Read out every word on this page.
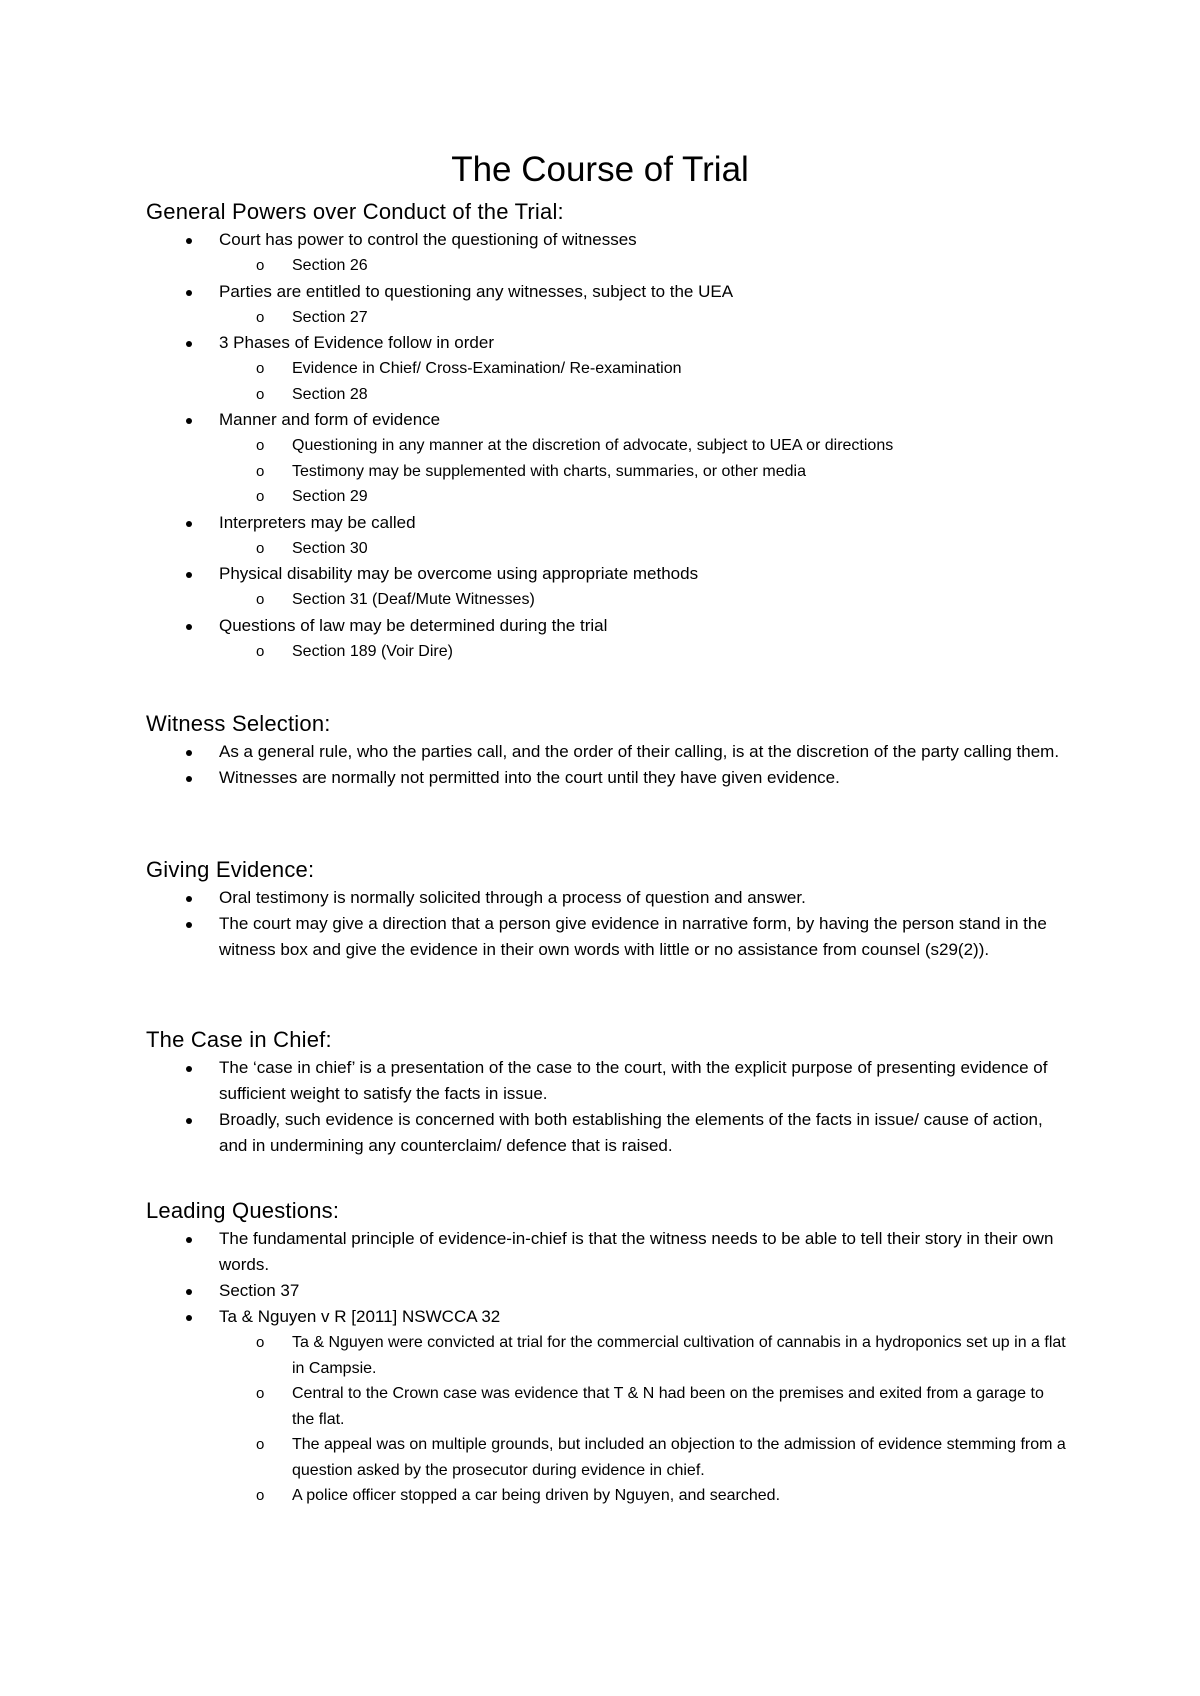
The Course of Trial
General Powers over Conduct of the Trial:
Court has power to control the questioning of witnesses
o Section 26
Parties are entitled to questioning any witnesses, subject to the UEA
o Section 27
3 Phases of Evidence follow in order
o Evidence in Chief/ Cross-Examination/ Re-examination
o Section 28
Manner and form of evidence
o Questioning in any manner at the discretion of advocate, subject to UEA or directions
o Testimony may be supplemented with charts, summaries, or other media
o Section 29
Interpreters may be called
o Section 30
Physical disability may be overcome using appropriate methods
o Section 31 (Deaf/Mute Witnesses)
Questions of law may be determined during the trial
o Section 189 (Voir Dire)
Witness Selection:
As a general rule, who the parties call, and the order of their calling, is at the discretion of the party calling them.
Witnesses are normally not permitted into the court until they have given evidence.
Giving Evidence:
Oral testimony is normally solicited through a process of question and answer.
The court may give a direction that a person give evidence in narrative form, by having the person stand in the witness box and give the evidence in their own words with little or no assistance from counsel (s29(2)).
The Case in Chief:
The ‘case in chief’ is a presentation of the case to the court, with the explicit purpose of presenting evidence of sufficient weight to satisfy the facts in issue.
Broadly, such evidence is concerned with both establishing the elements of the facts in issue/ cause of action, and in undermining any counterclaim/ defence that is raised.
Leading Questions:
The fundamental principle of evidence-in-chief is that the witness needs to be able to tell their story in their own words.
Section 37
Ta & Nguyen v R [2011] NSWCCA 32
o Ta & Nguyen were convicted at trial for the commercial cultivation of cannabis in a hydroponics set up in a flat in Campsie.
o Central to the Crown case was evidence that T & N had been on the premises and exited from a garage to the flat.
o The appeal was on multiple grounds, but included an objection to the admission of evidence stemming from a question asked by the prosecutor during evidence in chief.
o A police officer stopped a car being driven by Nguyen, and searched.
